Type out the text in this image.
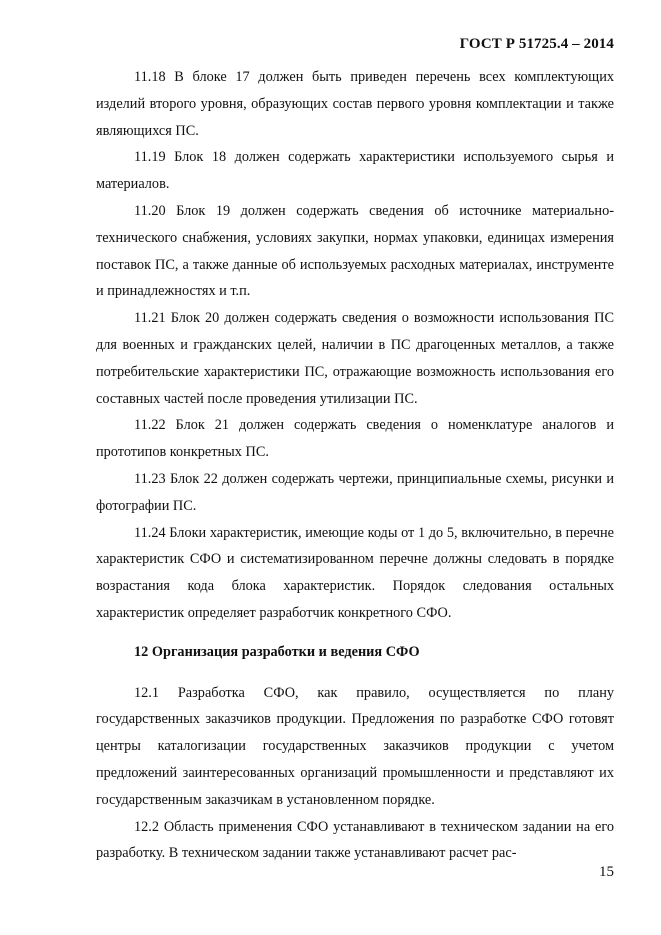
ГОСТ Р 51725.4 – 2014

11.18 В блоке 17 должен быть приведен перечень всех комплектующих изделий второго уровня, образующих состав первого уровня комплектации и также являющихся ПС.

11.19 Блок 18 должен содержать характеристики используемого сырья и материалов.

11.20 Блок 19 должен содержать сведения об источнике материально-технического снабжения, условиях закупки, нормах упаковки, единицах измерения поставок ПС, а также данные об используемых расходных материалах, инструменте и принадлежностях и т.п.

11.21 Блок 20 должен содержать сведения о возможности использования ПС для военных и гражданских целей, наличии в ПС драгоценных металлов, а также потребительские характеристики ПС, отражающие возможность использования его составных частей после проведения утилизации ПС.

11.22 Блок 21 должен содержать сведения о номенклатуре аналогов и прототипов конкретных ПС.

11.23 Блок 22 должен содержать чертежи, принципиальные схемы, рисунки и фотографии ПС.

11.24 Блоки характеристик, имеющие коды от 1 до 5, включительно, в перечне характеристик СФО и систематизированном перечне должны следовать в порядке возрастания кода блока характеристик. Порядок следования остальных характеристик определяет разработчик конкретного СФО.

12 Организация разработки и ведения СФО

12.1 Разработка СФО, как правило, осуществляется по плану государственных заказчиков продукции. Предложения по разработке СФО готовят центры каталогизации государственных заказчиков продукции с учетом предложений заинтересованных организаций промышленности и представляют их государственным заказчикам в установленном порядке.

12.2 Область применения СФО устанавливают в техническом задании на его разработку. В техническом задании также устанавливают расчет рас-

15
